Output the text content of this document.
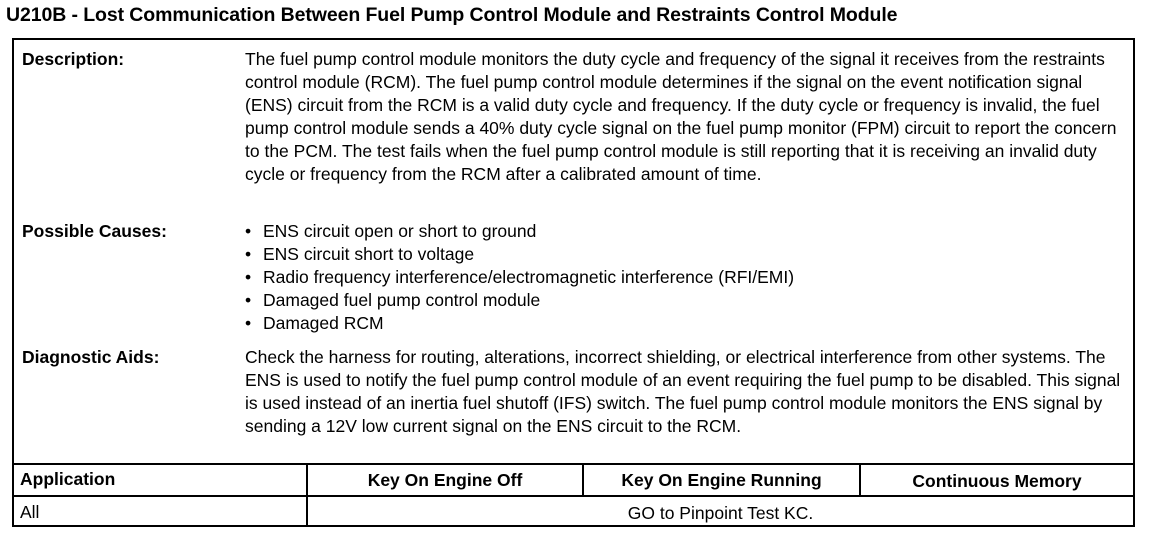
U210B - Lost Communication Between Fuel Pump Control Module and Restraints Control Module
Description:	The fuel pump control module monitors the duty cycle and frequency of the signal it receives from the restraints control module (RCM). The fuel pump control module determines if the signal on the event notification signal (ENS) circuit from the RCM is a valid duty cycle and frequency. If the duty cycle or frequency is invalid, the fuel pump control module sends a 40% duty cycle signal on the fuel pump monitor (FPM) circuit to report the concern to the PCM. The test fails when the fuel pump control module is still reporting that it is receiving an invalid duty cycle or frequency from the RCM after a calibrated amount of time.

Possible Causes:	• ENS circuit open or short to ground
• ENS circuit short to voltage
• Radio frequency interference/electromagnetic interference (RFI/EMI)
• Damaged fuel pump control module
• Damaged RCM
Diagnostic Aids:	Check the harness for routing, alterations, incorrect shielding, or electrical interference from other systems. The ENS is used to notify the fuel pump control module of an event requiring the fuel pump to be disabled. This signal is used instead of an inertia fuel shutoff (IFS) switch. The fuel pump control module monitors the ENS signal by sending a 12V low current signal on the ENS circuit to the RCM.

Application	Key On Engine Off	Key On Engine Running	Continuous Memory
All	GO to Pinpoint Test KC.
